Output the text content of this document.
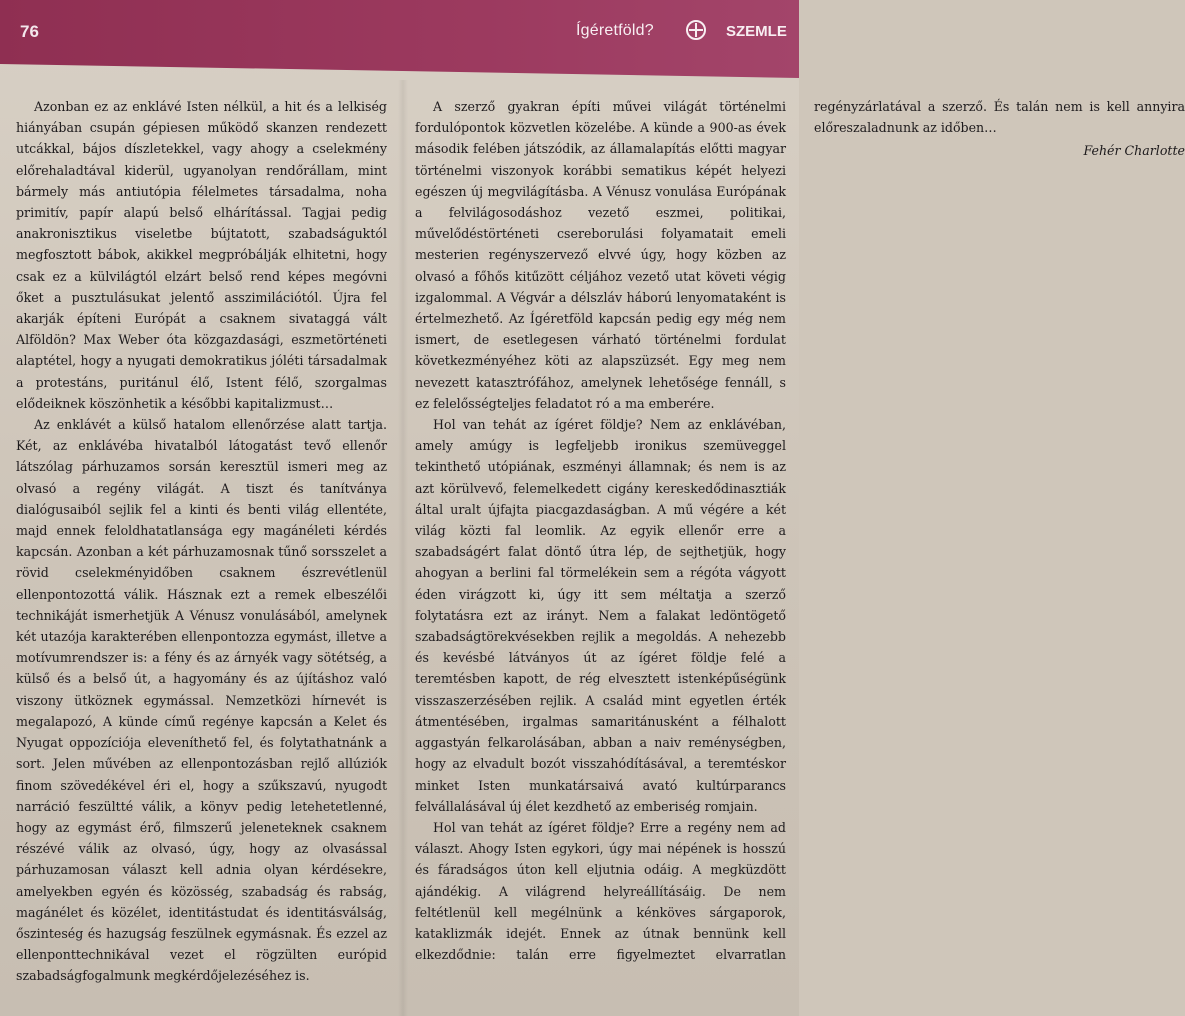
76	Ígéretföld?	SZEMLE

Azonban ez az enklávé Isten nélkül, a hit és a lelkiség hiányában csupán gépiesen működő skanzen rendezett utcákkal, bájos díszletekkel, vagy ahogy a cselekmény előrehaladtával kiderül, ugyanolyan rendőrállam, mint bármely más antiutópia félelmetes társadalma, noha primitív, papír alapú belső elhárítással. Tagjai pedig anakronisztikus viseletbe bújtatott, szabadságuktól megfosztott bábok, akikkel megpróbálják elhitetni, hogy csak ez a külvilágtól elzárt belső rend képes megóvni őket a pusztulásukat jelentő asszimilációtól. Újra fel akarják építeni Európát a csaknem sivataggá vált Alföldön? Max Weber óta közgazdasági, eszmetörténeti alaptétel, hogy a nyugati demokratikus jóléti társadalmak a protestáns, puritánul élő, Istent félő, szorgalmas elődeiknek köszönhetik a későbbi kapitalizmust…

Az enklávét a külső hatalom ellenőrzése alatt tartja. Két, az enklávéba hivatalból látogatást tevő ellenőr látszólag párhuzamos sorsán keresztül ismeri meg az olvasó a regény világát. A tiszt és tanítványa dialógusaiból sejlik fel a kinti és benti világ ellentéte, majd ennek feloldhatatlansága egy magánéleti kérdés kapcsán. Azonban a két párhuzamosnak tűnő sorsszelet a rövid cselekményidőben csaknem észrevétlenül ellenpontozottá válik. Hásznak ezt a remek elbeszélői technikáját ismerhetjük A Vénusz vonulásából, amelynek két utazója karakterében ellenpontozza egymást, illetve a motívumrendszer is: a fény és az árnyék vagy sötétség, a külső és a belső út, a hagyomány és az újításhoz való viszony ütköznek egymással. Nemzetközi hírnevét is megalapozó, A künde című regénye kapcsán a Kelet és Nyugat oppozíciója eleveníthető fel, és folytathatnánk a sort. Jelen művében az ellenpontozásban rejlő allúziók finom szövedékével éri el, hogy a szűkszavú, nyugodt narráció feszültté válik, a könyv pedig letehetetlenné, hogy az egymást érő, filmszerű jeleneteknek csaknem részévé válik az olvasó, úgy, hogy az olvasással párhuzamosan választ kell adnia olyan kérdésekre, amelyekben egyén és közösség, szabadság és rabság, magánélet és közélet, identitástudat és identitásválság, őszinteség és hazugság feszülnek egymásnak. És ezzel az ellenponttechnikával vezet el rögzülten európid szabadságfogalmunk megkérdőjelezéséhez is.

A szerző gyakran építi művei világát történelmi fordulópontok közvetlen közelébe. A künde a 900-as évek második felében játszódik, az államalapítás előtti magyar történelmi viszonyok korábbi sematikus képét helyezi egészen új megvilágításba. A Vénusz vonulása Európának a felvilágosodáshoz vezető eszmei, politikai, művelődéstörténeti csereborulási folyamatait emeli mesterien regényszervező elvvé úgy, hogy közben az olvasó a főhős kitűzött céljához vezető utat követi végig izgalommal. A Végvár a délszláv háború lenyomataként is értelmezhető. Az Ígéretföld kapcsán pedig egy még nem ismert, de esetlegesen várható történelmi fordulat következményéhez köti az alapszüzsét. Egy meg nem nevezett katasztrófához, amelynek lehetősége fennáll, s ez felelősségteljes feladatot ró a ma emberére.

Hol van tehát az ígéret földje? Nem az enklávéban, amely amúgy is legfeljebb ironikus szemüveggel tekinthető utópiának, eszményi államnak; és nem is az azt körülvevő, felemelkedett cigány kereskedődinasztiák által uralt újfajta piacgazdaságban. A mű végére a két világ közti fal leomlik. Az egyik ellenőr erre a szabadságért falat döntő útra lép, de sejthetjük, hogy ahogyan a berlini fal törmelékein sem a régóta vágyott éden virágzott ki, úgy itt sem méltatja a szerző folytatásra ezt az irányt. Nem a falakat ledöntögető szabadságtörekvésekben rejlik a megoldás. A nehezebb és kevésbé látványos út az ígéret földje felé a teremtésben kapott, de rég elvesztett istenképűségünk visszaszerzésében rejlik. A család mint egyetlen érték átmentésében, irgalmas samaritánusként a félhalott aggastyán felkarolásában, abban a naiv reménységben, hogy az elvadult bozót visszahódításával, a teremtéskor minket Isten munkatársaivá avató kultúrparancs felvállalásával új élet kezdhető az emberiség romjain.

Hol van tehát az ígéret földje? Erre a regény nem ad választ. Ahogy Isten egykori, úgy mai népének is hosszú és fáradságos úton kell eljutnia odáig. A megküzdött ajándékig. A világrend helyreállításáig. De nem feltétlenül kell megélnünk a kénköves sárgaporok, kataklizmák idejét. Ennek az útnak bennünk kell elkezdődnie: talán erre figyelmeztet elvarratlan regényzárlatával a szerző. És talán nem is kell annyira előreszaladnunk az időben…

Fehér Charlotte
